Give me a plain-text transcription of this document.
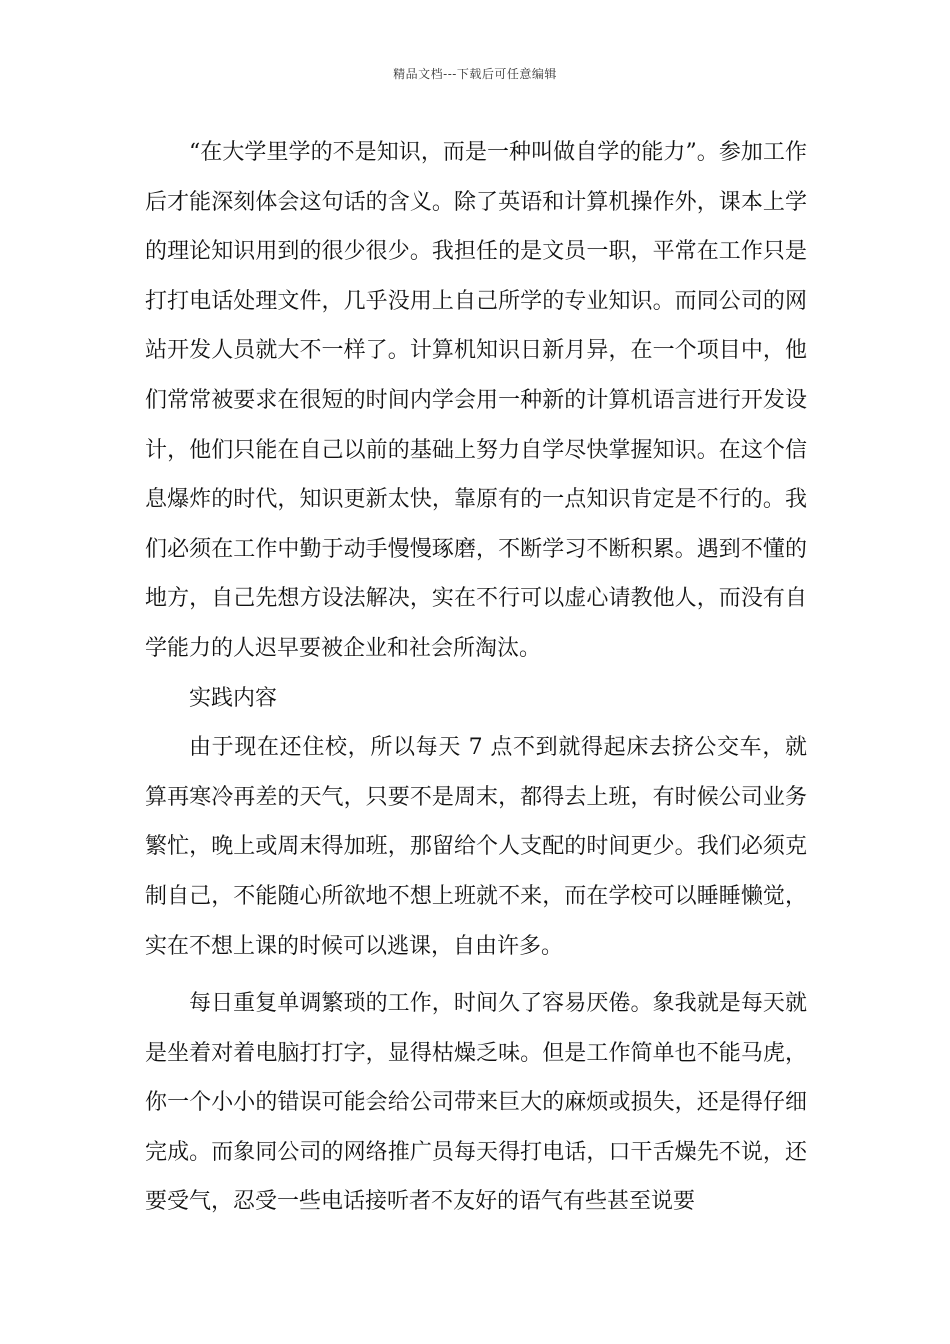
精品文档---下载后可任意编辑

“在大学里学的不是知识，而是一种叫做自学的能力”。参加工作后才能深刻体会这句话的含义。除了英语和计算机操作外，课本上学的理论知识用到的很少很少。我担任的是文员一职，平常在工作只是打打电话处理文件，几乎没用上自己所学的专业知识。而同公司的网站开发人员就大不一样了。计算机知识日新月异，在一个项目中，他们常常被要求在很短的时间内学会用一种新的计算机语言进行开发设计，他们只能在自己以前的基础上努力自学尽快掌握知识。在这个信息爆炸的时代，知识更新太快，靠原有的一点知识肯定是不行的。我们必须在工作中勤于动手慢慢琢磨，不断学习不断积累。遇到不懂的地方，自己先想方设法解决，实在不行可以虚心请教他人，而没有自学能力的人迟早要被企业和社会所淘汰。

实践内容

由于现在还住校，所以每天 7 点不到就得起床去挤公交车，就算再寒冷再差的天气，只要不是周末，都得去上班，有时候公司业务繁忙，晚上或周末得加班，那留给个人支配的时间更少。我们必须克制自己，不能随心所欲地不想上班就不来，而在学校可以睡睡懒觉，实在不想上课的时候可以逃课，自由许多。

每日重复单调繁琐的工作，时间久了容易厌倦。象我就是每天就是坐着对着电脑打打字，显得枯燥乏味。但是工作简单也不能马虎，你一个小小的错误可能会给公司带来巨大的麻烦或损失，还是得仔细完成。而象同公司的网络推广员每天得打电话，口干舌燥先不说，还要受气，忍受一些电话接听者不友好的语气有些甚至说要
